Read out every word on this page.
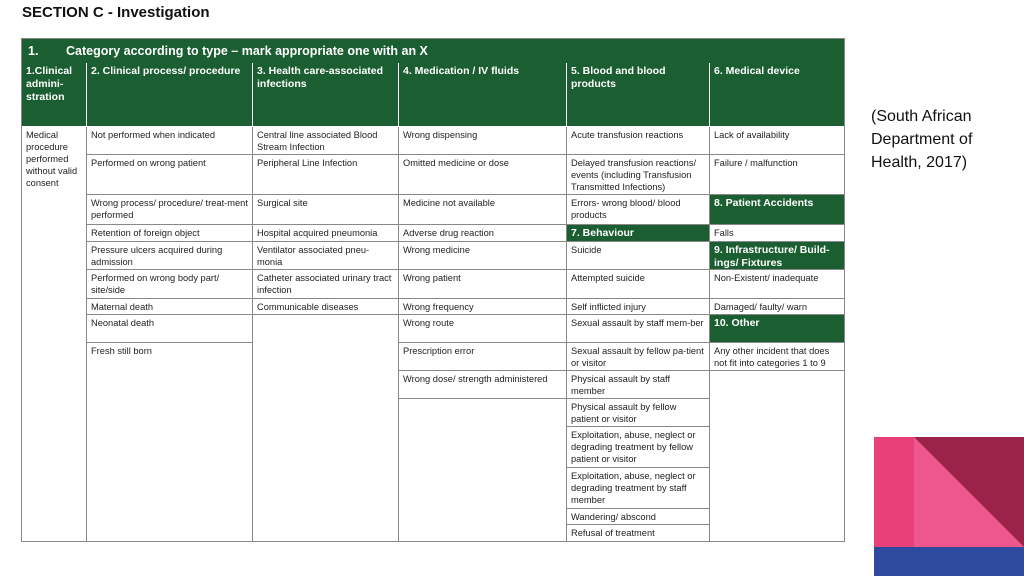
SECTION C - Investigation
1. Category according to type – mark appropriate one with an X
1.Clinical admini-stration
2. Clinical process/ procedure	3. Health care-associated infections
4. Medication / IV fluids	5. Blood and blood products
6. Medical device
Medical procedure performed without valid consent
Not performed when indicated
Performed on wrong patient
Wrong process/ procedure/ treat-ment performed
Retention of foreign object
Pressure ulcers acquired during admission
Performed on wrong body part/ site/side
Maternal death
Neonatal death
Fresh still born
Central line associated Blood Stream Infection
Peripheral Line Infection
Surgical site
Hospital acquired pneumonia
Ventilator associated pneu-monia
Catheter associated urinary tract infection
Communicable diseases
Wrong dispensing
Omitted medicine or dose
Medicine not available
Adverse drug reaction
Wrong medicine
Wrong patient
Wrong frequency
Wrong route
Prescription error
Wrong dose/ strength administered
Acute transfusion reactions
Delayed transfusion reactions/ events (including Transfusion Transmitted Infections)
Errors- wrong blood/ blood products
7. Behaviour
Suicide
Attempted suicide
Self inflicted injury
Sexual assault by staff mem-ber
Sexual assault by fellow pa-tient or visitor
Physical assault by staff member
Physical assault by fellow patient or visitor
Exploitation, abuse, neglect or degrading treatment by fellow patient or visitor
Exploitation, abuse, neglect or degrading treatment by staff member
Wandering/ abscond
Refusal of treatment
Lack of availability
Failure / malfunction
8. Patient Accidents
Falls
9. Infrastructure/ Build-ings/ Fixtures
Non-Existent/ inadequate
Damaged/ faulty/ warn
10. Other
Any other incident that does not fit into categories 1 to 9
(South African Department of Health, 2017)
